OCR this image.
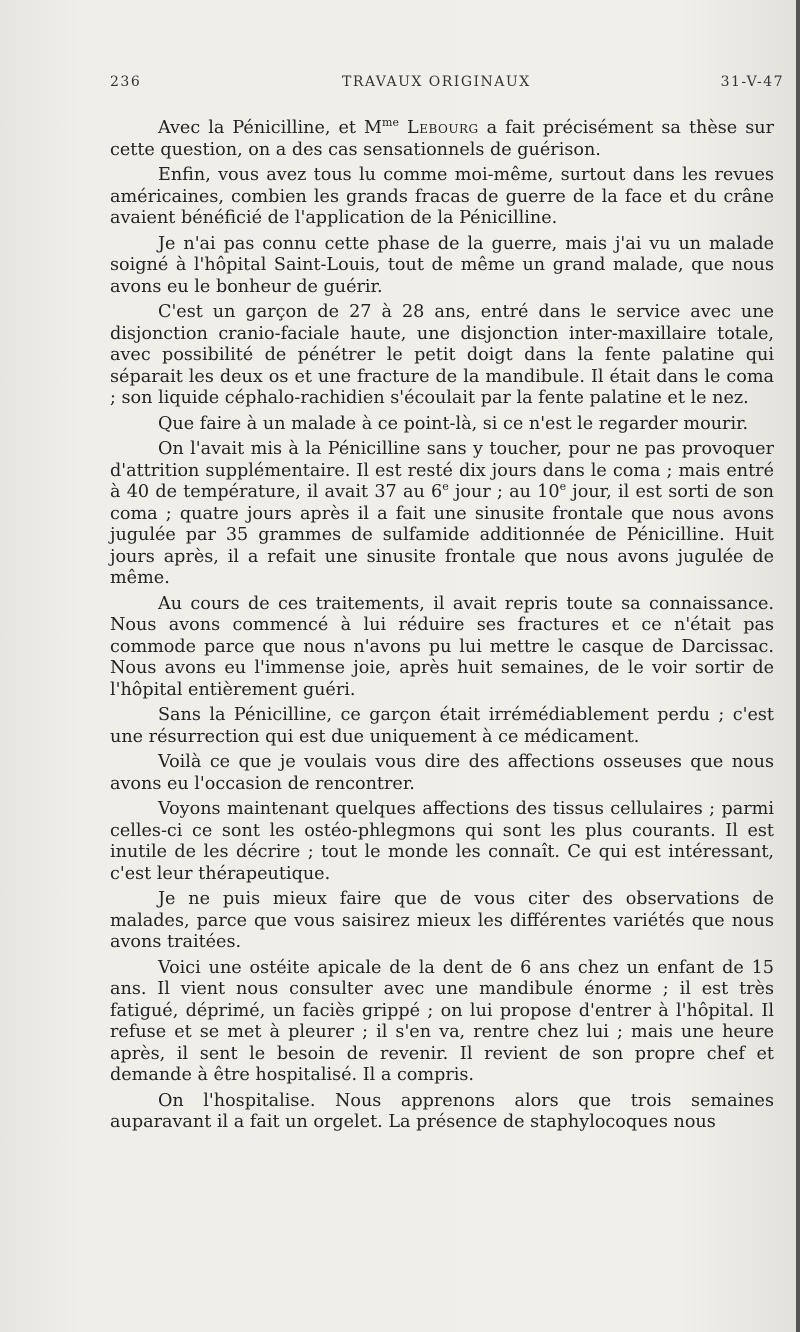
236	TRAVAUX ORIGINAUX	31-V-47

Avec la Pénicilline, et $M^{me}$ Lebourg a fait précisément sa thèse sur cette question, on a des cas sensationnels de guérison.

Enfin, vous avez tous lu comme moi-même, surtout dans les revues américaines, combien les grands fracas de guerre de la face et du crâne avaient bénéficié de l'application de la Pénicilline.

Je n'ai pas connu cette phase de la guerre, mais j'ai vu un malade soigné à l'hôpital Saint-Louis, tout de même un grand malade, que nous avons eu le bonheur de guérir.

C'est un garçon de 27 à 28 ans, entré dans le service avec une disjonction cranio-faciale haute, une disjonction inter-maxillaire totale, avec possibilité de pénétrer le petit doigt dans la fente palatine qui séparait les deux os et une fracture de la mandibule. Il était dans le coma ; son liquide céphalo-rachidien s'écoulait par la fente palatine et le nez.

Que faire à un malade à ce point-là, si ce n'est le regarder mourir.

On l'avait mis à la Pénicilline sans y toucher, pour ne pas provoquer d'attrition supplémentaire. Il est resté dix jours dans le coma ; mais entré à 40 de température, il avait 37 au 6e jour ; au 10e jour, il est sorti de son coma ; quatre jours après il a fait une sinusite frontale que nous avons jugulée par 35 grammes de sulfamide additionnée de Pénicilline. Huit jours après, il a refait une sinusite frontale que nous avons jugulée de même.

Au cours de ces traitements, il avait repris toute sa connaissance. Nous avons commencé à lui réduire ses fractures et ce n'était pas commode parce que nous n'avons pu lui mettre le casque de Darcissac. Nous avons eu l'immense joie, après huit semaines, de le voir sortir de l'hôpital entièrement guéri.

Sans la Pénicilline, ce garçon était irrémédiablement perdu ; c'est une résurrection qui est due uniquement à ce médicament.

Voilà ce que je voulais vous dire des affections osseuses que nous avons eu l'occasion de rencontrer.

Voyons maintenant quelques affections des tissus cellulaires ; parmi celles-ci ce sont les ostéo-phlegmons qui sont les plus courants. Il est inutile de les décrire ; tout le monde les connaît. Ce qui est intéressant, c'est leur thérapeutique.

Je ne puis mieux faire que de vous citer des observations de malades, parce que vous saisirez mieux les différentes variétés que nous avons traitées.

Voici une ostéite apicale de la dent de 6 ans chez un enfant de 15 ans. Il vient nous consulter avec une mandibule énorme ; il est très fatigué, déprimé, un faciès grippé ; on lui propose d'entrer à l'hôpital. Il refuse et se met à pleurer ; il s'en va, rentre chez lui ; mais une heure après, il sent le besoin de revenir. Il revient de son propre chef et demande à être hospitalisé. Il a compris.

On l'hospitalise. Nous apprenons alors que trois semaines auparavant il a fait un orgelet. La présence de staphylocoques nous
